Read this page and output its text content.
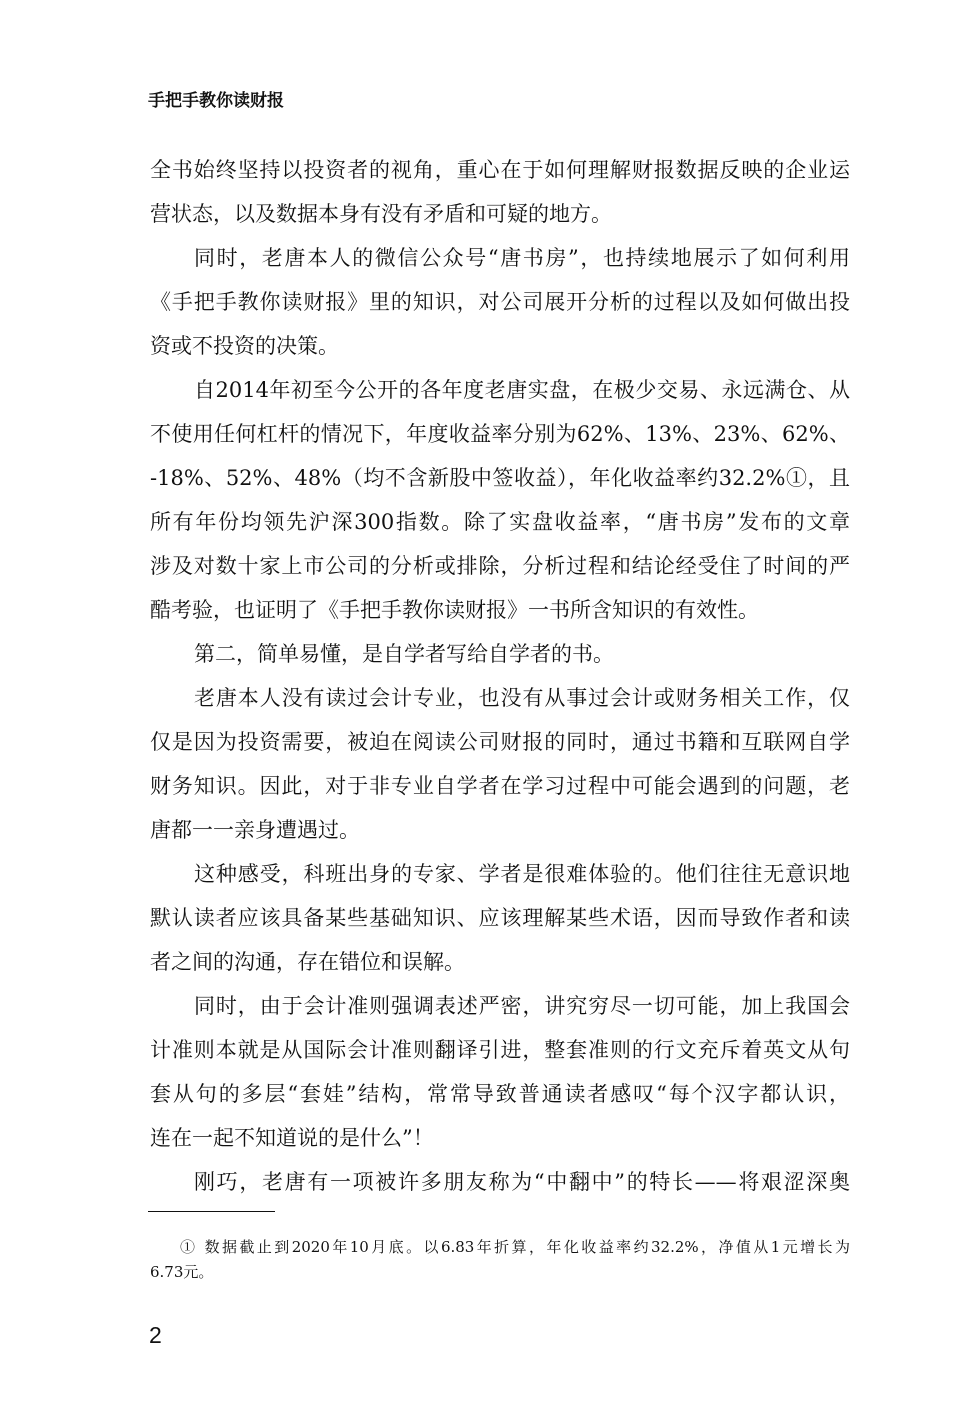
手把手教你读财报
全书始终坚持以投资者的视角，重心在于如何理解财报数据反映的企业运
营状态，以及数据本身有没有矛盾和可疑的地方。
同时，老唐本人的微信公众号“唐书房”，也持续地展示了如何利用
《手把手教你读财报》里的知识，对公司展开分析的过程以及如何做出投
资或不投资的决策。
自2014年初至今公开的各年度老唐实盘，在极少交易、永远满仓、从
不使用任何杠杆的情况下，年度收益率分别为62%、13%、23%、62%、
-18%、52%、48%（均不含新股中签收益），年化收益率约32.2%①，且
所有年份均领先沪深300指数。除了实盘收益率，“唐书房”发布的文章
涉及对数十家上市公司的分析或排除，分析过程和结论经受住了时间的严
酷考验，也证明了《手把手教你读财报》一书所含知识的有效性。
第二，简单易懂，是自学者写给自学者的书。
老唐本人没有读过会计专业，也没有从事过会计或财务相关工作，仅
仅是因为投资需要，被迫在阅读公司财报的同时，通过书籍和互联网自学
财务知识。因此，对于非专业自学者在学习过程中可能会遇到的问题，老
唐都一一亲身遭遇过。
这种感受，科班出身的专家、学者是很难体验的。他们往往无意识地
默认读者应该具备某些基础知识、应该理解某些术语，因而导致作者和读
者之间的沟通，存在错位和误解。
同时，由于会计准则强调表述严密，讲究穷尽一切可能，加上我国会
计准则本就是从国际会计准则翻译引进，整套准则的行文充斥着英文从句
套从句的多层“套娃”结构，常常导致普通读者感叹“每个汉字都认识，
连在一起不知道说的是什么”！
刚巧，老唐有一项被许多朋友称为“中翻中”的特长——将艰涩深奥
① 数据截止到2020年10月底。以6.83年折算，年化收益率约32.2%，净值从1元增长为
6.73元。
2
